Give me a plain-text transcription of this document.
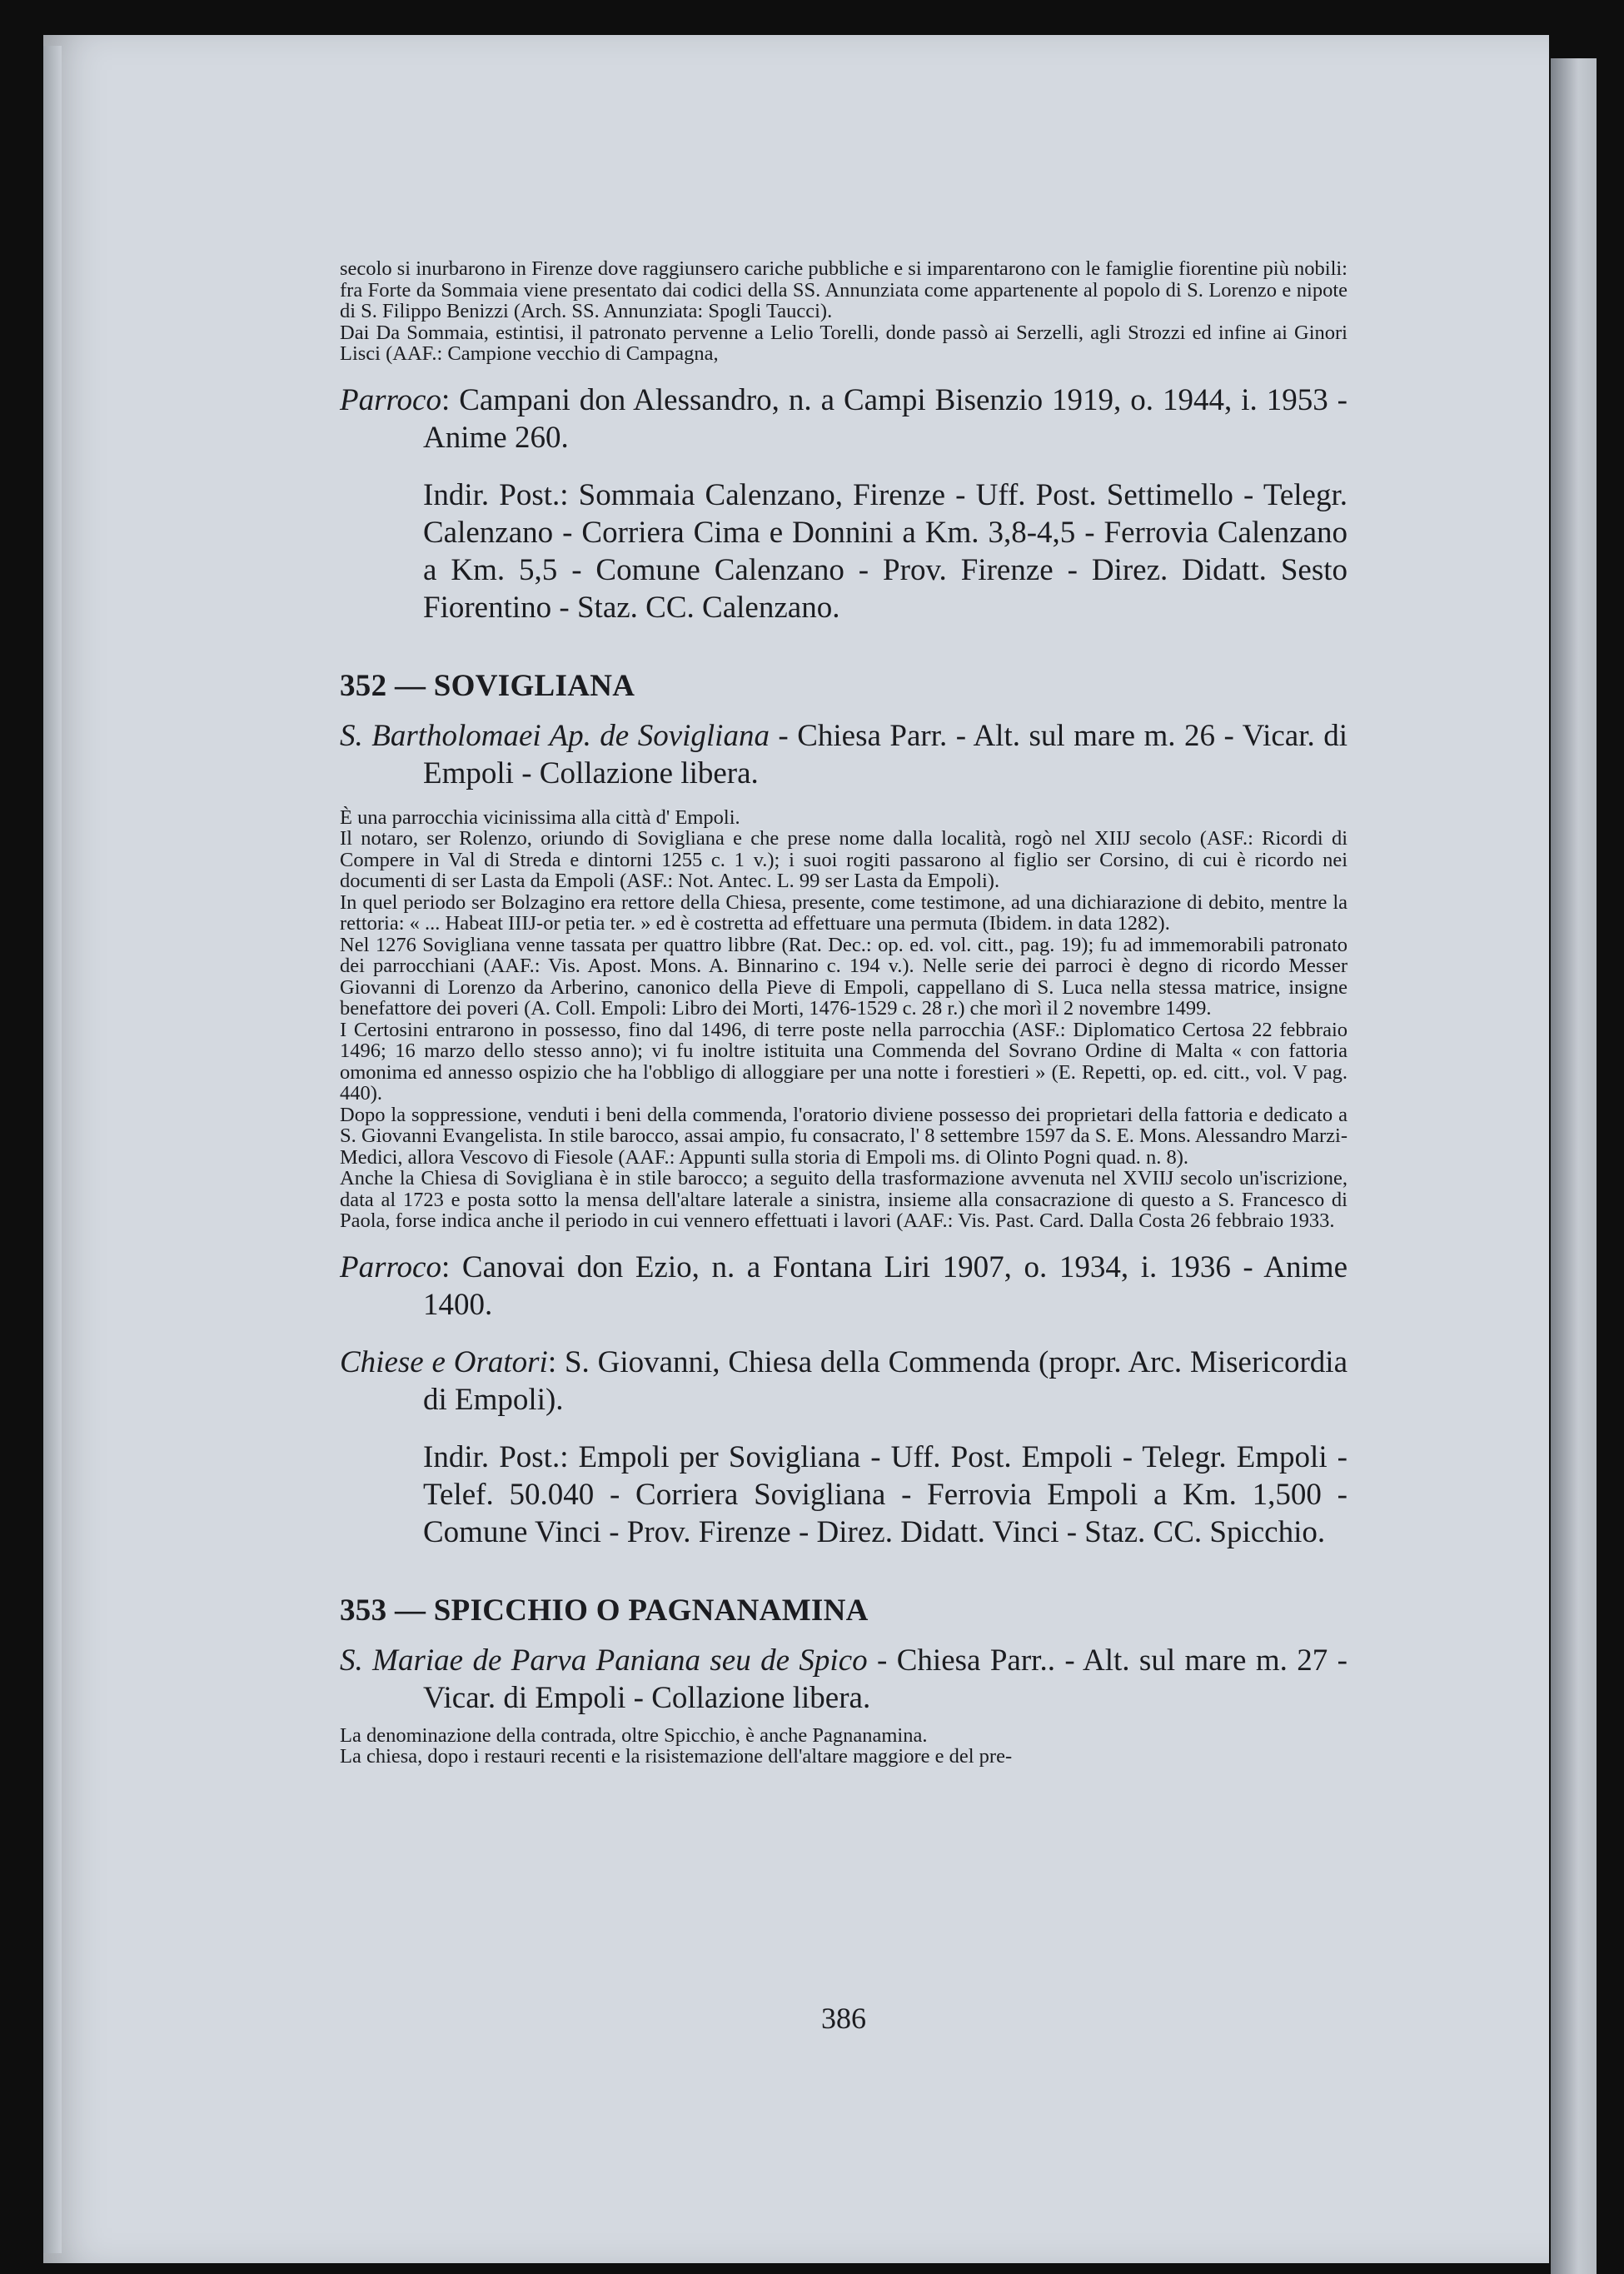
secolo si inurbarono in Firenze dove raggiunsero cariche pubbliche e si imparentarono con le famiglie fiorentine più nobili: fra Forte da Sommaia viene presentato dai codici della SS. Annunziata come appartenente al popolo di S. Lorenzo e nipote di S. Filippo Benizzi (Arch. SS. Annunziata: Spogli Taucci).

Dai Da Sommaia, estintisi, il patronato pervenne a Lelio Torelli, donde passò ai Serzelli, agli Strozzi ed infine ai Ginori Lisci (AAF.: Campione vecchio di Campagna,

Parroco: Campani don Alessandro, n. a Campi Bisenzio 1919, o. 1944, i. 1953 - Anime 260.

Indir. Post.: Sommaia Calenzano, Firenze - Uff. Post. Settimello - Telegr. Calenzano - Corriera Cima e Donnini a Km. 3,8-4,5 - Ferrovia Calenzano a Km. 5,5 - Comune Calenzano - Prov. Firenze - Direz. Didatt. Sesto Fiorentino - Staz. CC. Calenzano.

352 — SOVIGLIANA

S. Bartholomaei Ap. de Sovigliana - Chiesa Parr. - Alt. sul mare m. 26 - Vicar. di Empoli - Collazione libera.

È una parrocchia vicinissima alla città d' Empoli.

Il notaro, ser Rolenzo, oriundo di Sovigliana e che prese nome dalla località, rogò nel XIIJ secolo (ASF.: Ricordi di Compere in Val di Streda e dintorni 1255 c. 1 v.); i suoi rogiti passarono al figlio ser Corsino, di cui è ricordo nei documenti di ser Lasta da Empoli (ASF.: Not. Antec. L. 99 ser Lasta da Empoli).

In quel periodo ser Bolzagino era rettore della Chiesa, presente, come testimone, ad una dichiarazione di debito, mentre la rettoria: « ... Habeat IIIJ-or petia ter. » ed è costretta ad effettuare una permuta (Ibidem. in data 1282).

Nel 1276 Sovigliana venne tassata per quattro libbre (Rat. Dec.: op. ed. vol. citt., pag. 19); fu ad immemorabili patronato dei parrocchiani (AAF.: Vis. Apost. Mons. A. Binnarino c. 194 v.). Nelle serie dei parroci è degno di ricordo Messer Giovanni di Lorenzo da Arberino, canonico della Pieve di Empoli, cappellano di S. Luca nella stessa matrice, insigne benefattore dei poveri (A. Coll. Empoli: Libro dei Morti, 1476-1529 c. 28 r.) che morì il 2 novembre 1499.

I Certosini entrarono in possesso, fino dal 1496, di terre poste nella parrocchia (ASF.: Diplomatico Certosa 22 febbraio 1496; 16 marzo dello stesso anno); vi fu inoltre istituita una Commenda del Sovrano Ordine di Malta « con fattoria omonima ed annesso ospizio che ha l'obbligo di alloggiare per una notte i forestieri » (E. Repetti, op. ed. citt., vol. V pag. 440).

Dopo la soppressione, venduti i beni della commenda, l'oratorio diviene possesso dei proprietari della fattoria e dedicato a S. Giovanni Evangelista. In stile barocco, assai ampio, fu consacrato, l' 8 settembre 1597 da S. E. Mons. Alessandro Marzi-Medici, allora Vescovo di Fiesole (AAF.: Appunti sulla storia di Empoli ms. di Olinto Pogni quad. n. 8).

Anche la Chiesa di Sovigliana è in stile barocco; a seguito della trasformazione avvenuta nel XVIIJ secolo un'iscrizione, data al 1723 e posta sotto la mensa dell'altare laterale a sinistra, insieme alla consacrazione di questo a S. Francesco di Paola, forse indica anche il periodo in cui vennero effettuati i lavori (AAF.: Vis. Past. Card. Dalla Costa 26 febbraio 1933.

Parroco: Canovai don Ezio, n. a Fontana Liri 1907, o. 1934, i. 1936 - Anime 1400.

Chiese e Oratori: S. Giovanni, Chiesa della Commenda (propr. Arc. Misericordia di Empoli).

Indir. Post.: Empoli per Sovigliana - Uff. Post. Empoli - Telegr. Empoli - Telef. 50.040 - Corriera Sovigliana - Ferrovia Empoli a Km. 1,500 - Comune Vinci - Prov. Firenze - Direz. Didatt. Vinci - Staz. CC. Spicchio.

353 — SPICCHIO O PAGNANAMINA

S. Mariae de Parva Paniana seu de Spico - Chiesa Parr.. - Alt. sul mare m. 27 - Vicar. di Empoli - Collazione libera.

La denominazione della contrada, oltre Spicchio, è anche Pagnanamina.

La chiesa, dopo i restauri recenti e la risistemazione dell'altare maggiore e del pre-

386
